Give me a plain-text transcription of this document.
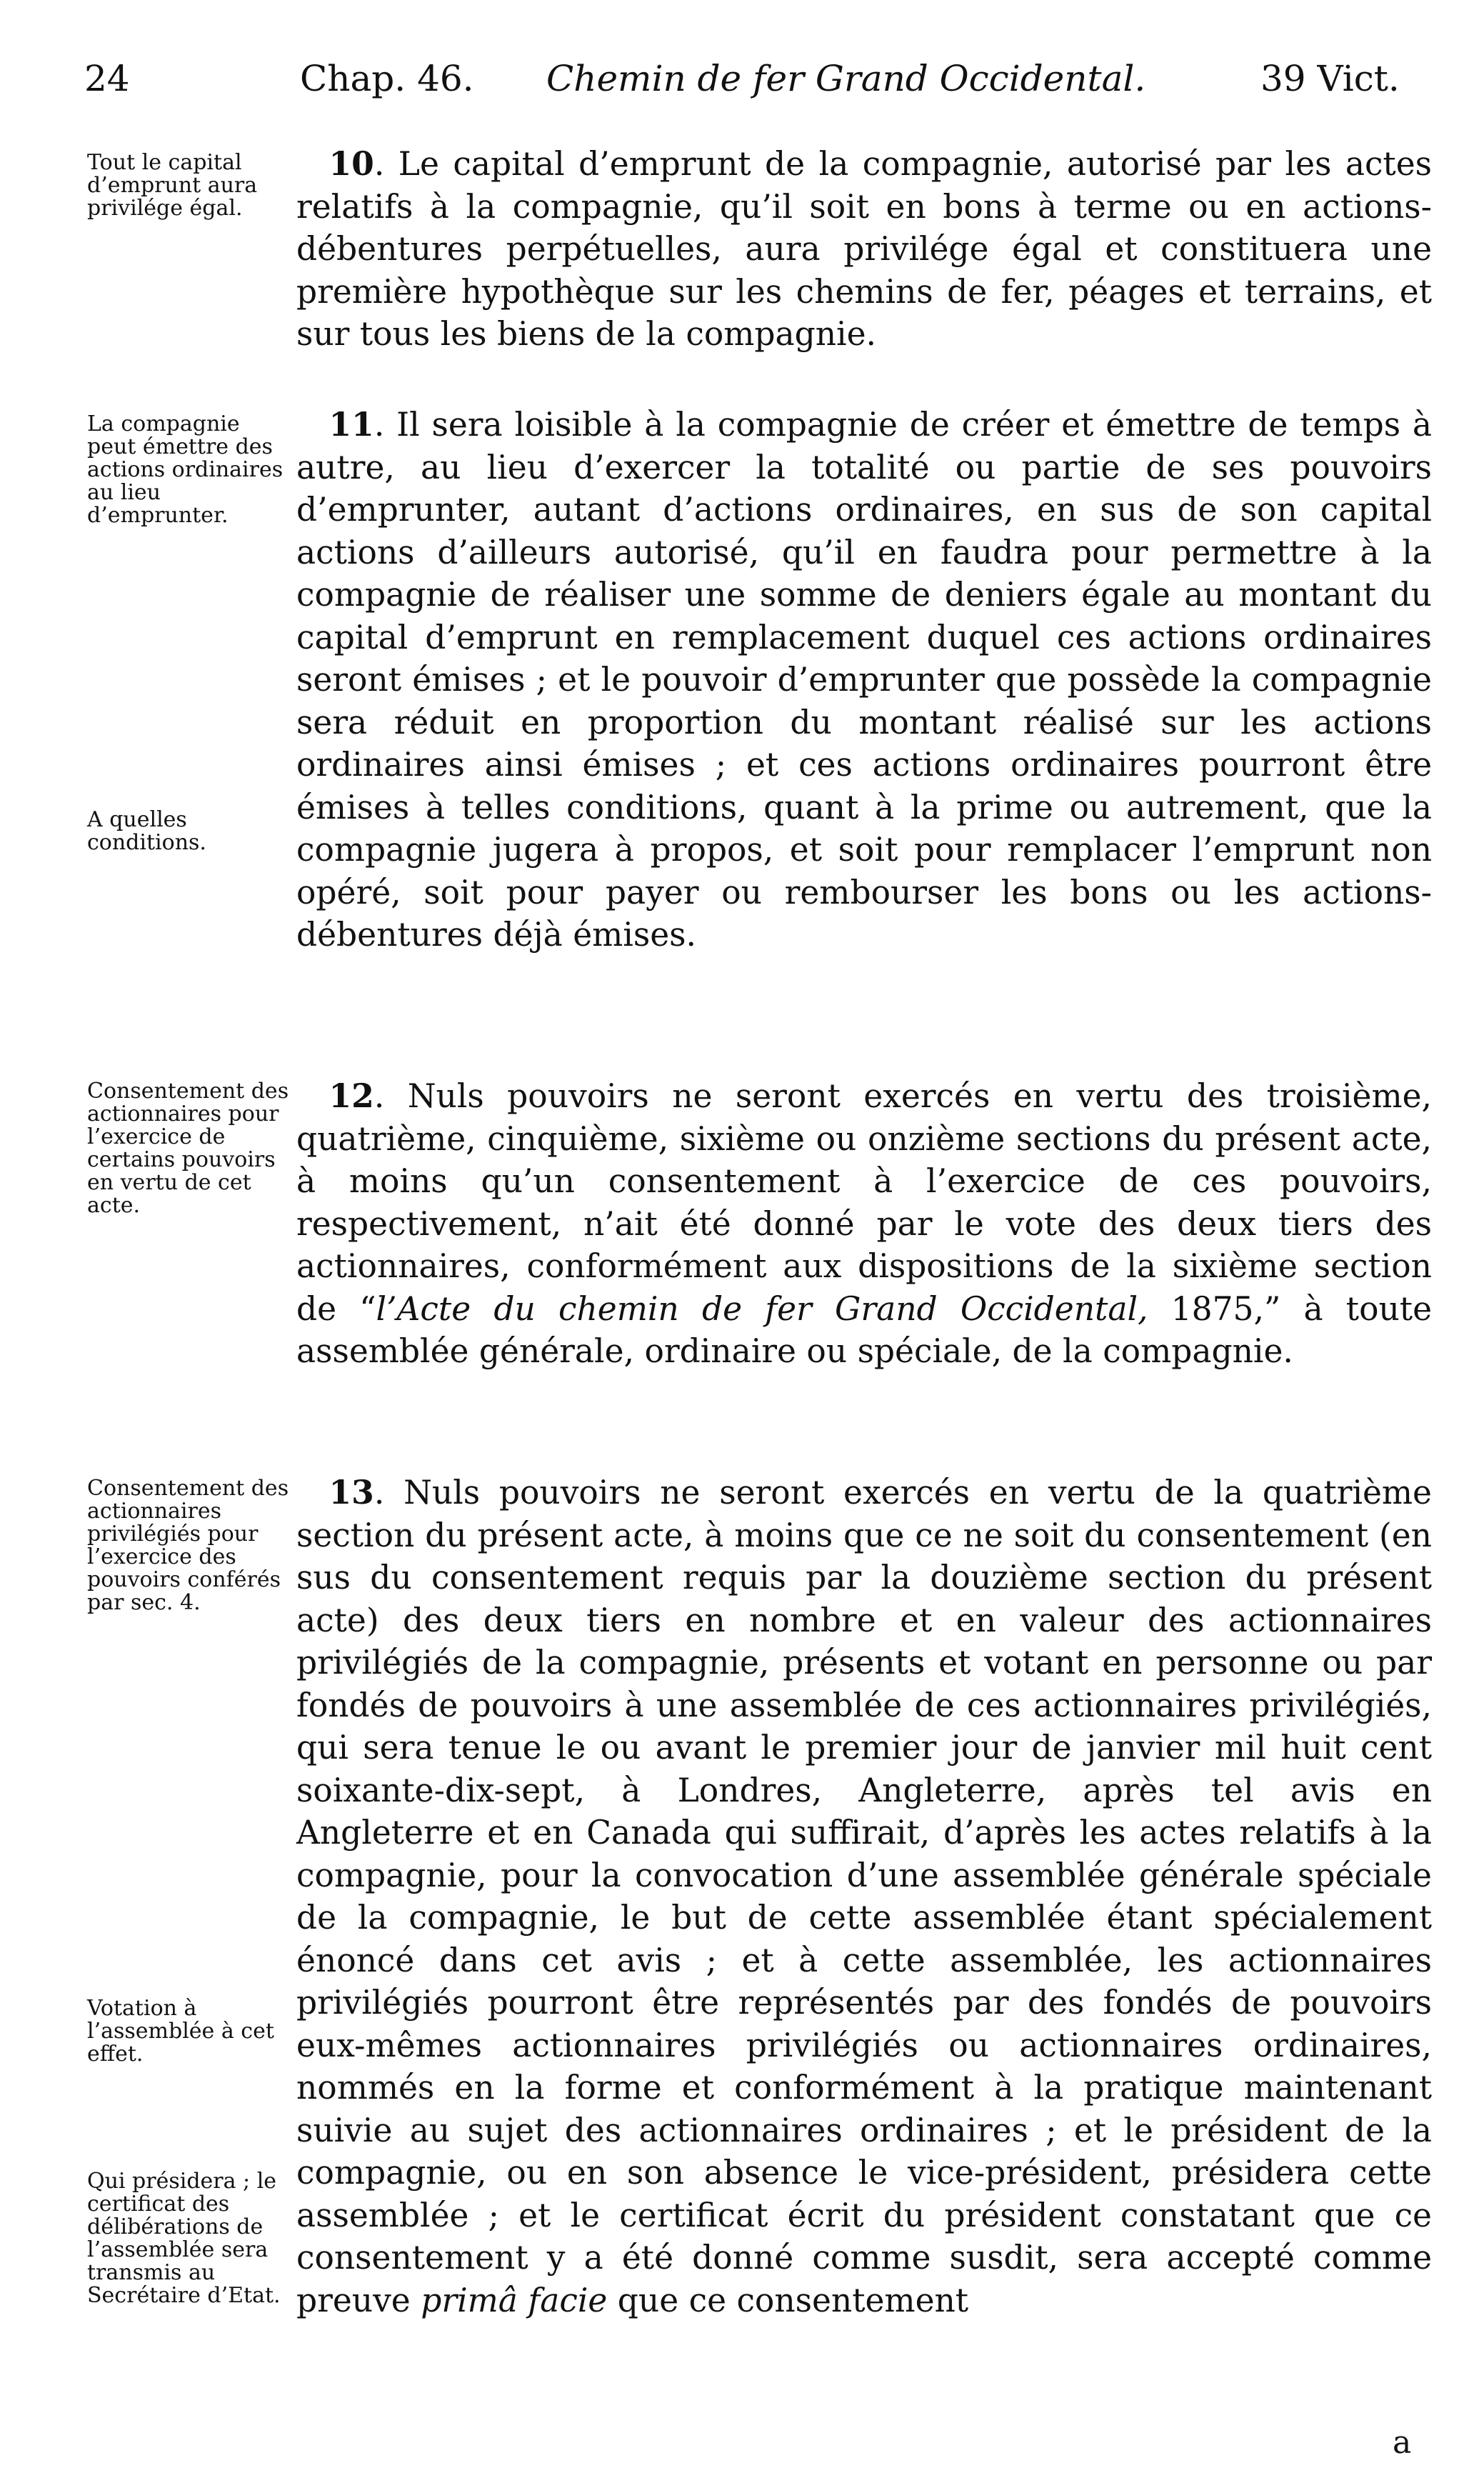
24	Chap. 46. Chemin de fer Grand Occidental.	39 Vict.

 10. Le capital d’emprunt de la compagnie, autorisé par les actes relatifs à la compagnie, qu’il soit en bons à terme ou en actions-débentures perpétuelles, aura privilége égal et constituera une première hypothèque sur les chemins de fer, péages et terrains, et sur tous les biens de la compagnie.

 11. Il sera loisible à la compagnie de créer et émettre de temps à autre, au lieu d’exercer la totalité ou partie de ses pouvoirs d’emprunter, autant d’actions ordinaires, en sus de son capital actions d’ailleurs autorisé, qu’il en faudra pour permettre à la compagnie de réaliser une somme de deniers égale au montant du capital d’emprunt en remplacement duquel ces actions ordinaires seront émises ; et le pouvoir d’emprunter que possède la compagnie sera réduit en proportion du montant réalisé sur les actions ordinaires ainsi émises ; et ces actions ordinaires pourront être émises à telles conditions, quant à la prime ou autrement, que la compagnie jugera à propos, et soit pour remplacer l’emprunt non opéré, soit pour payer ou rembourser les bons ou les actions-débentures déjà émises.

 12. Nuls pouvoirs ne seront exercés en vertu des troisième, quatrième, cinquième, sixième ou onzième sections du présent acte, à moins qu’un consentement à l’exercice de ces pouvoirs, respectivement, n’ait été donné par le vote des deux tiers des actionnaires, conformément aux dispositions de la sixième section de “l’Acte du chemin de fer Grand Occidental, 1875,” à toute assemblée générale, ordinaire ou spéciale, de la compagnie.

 13. Nuls pouvoirs ne seront exercés en vertu de la quatrième section du présent acte, à moins que ce ne soit du consentement (en sus du consentement requis par la douzième section du présent acte) des deux tiers en nombre et en valeur des actionnaires privilégiés de la compagnie, présents et votant en personne ou par fondés de pouvoirs à une assemblée de ces actionnaires privilégiés, qui sera tenue le ou avant le premier jour de janvier mil huit cent soixante-dix-sept, à Londres, Angleterre, après tel avis en Angleterre et en Canada qui suffirait, d’après les actes relatifs à la compagnie, pour la convocation d’une assemblée générale spéciale de la compagnie, le but de cette assemblée étant spécialement énoncé dans cet avis ; et à cette assemblée, les actionnaires privilégiés pourront être représentés par des fondés de pouvoirs eux-mêmes actionnaires privilégiés ou actionnaires ordinaires, nommés en la forme et conformément à la pratique maintenant suivie au sujet des actionnaires ordinaires ; et le président de la compagnie, ou en son absence le vice-président, présidera cette assemblée ; et le certificat écrit du président constatant que ce consentement y a été donné comme susdit, sera accepté comme preuve primâ facie que ce consentement

Tout le capital d’emprunt aura privilége égal.

La compagnie peut émettre des actions ordinaires au lieu d’emprunter.

A quelles conditions.

Consentement des actionnaires pour l’exercice de certains pouvoirs en vertu de cet acte.

Consentement des actionnaires privilégiés pour l’exercice des pouvoirs conférés par sec. 4.

Votation à l’assemblée à cet effet.

Qui présidera ; le certificat des délibérations de l’assemblée sera transmis au Secrétaire d’Etat.

a
